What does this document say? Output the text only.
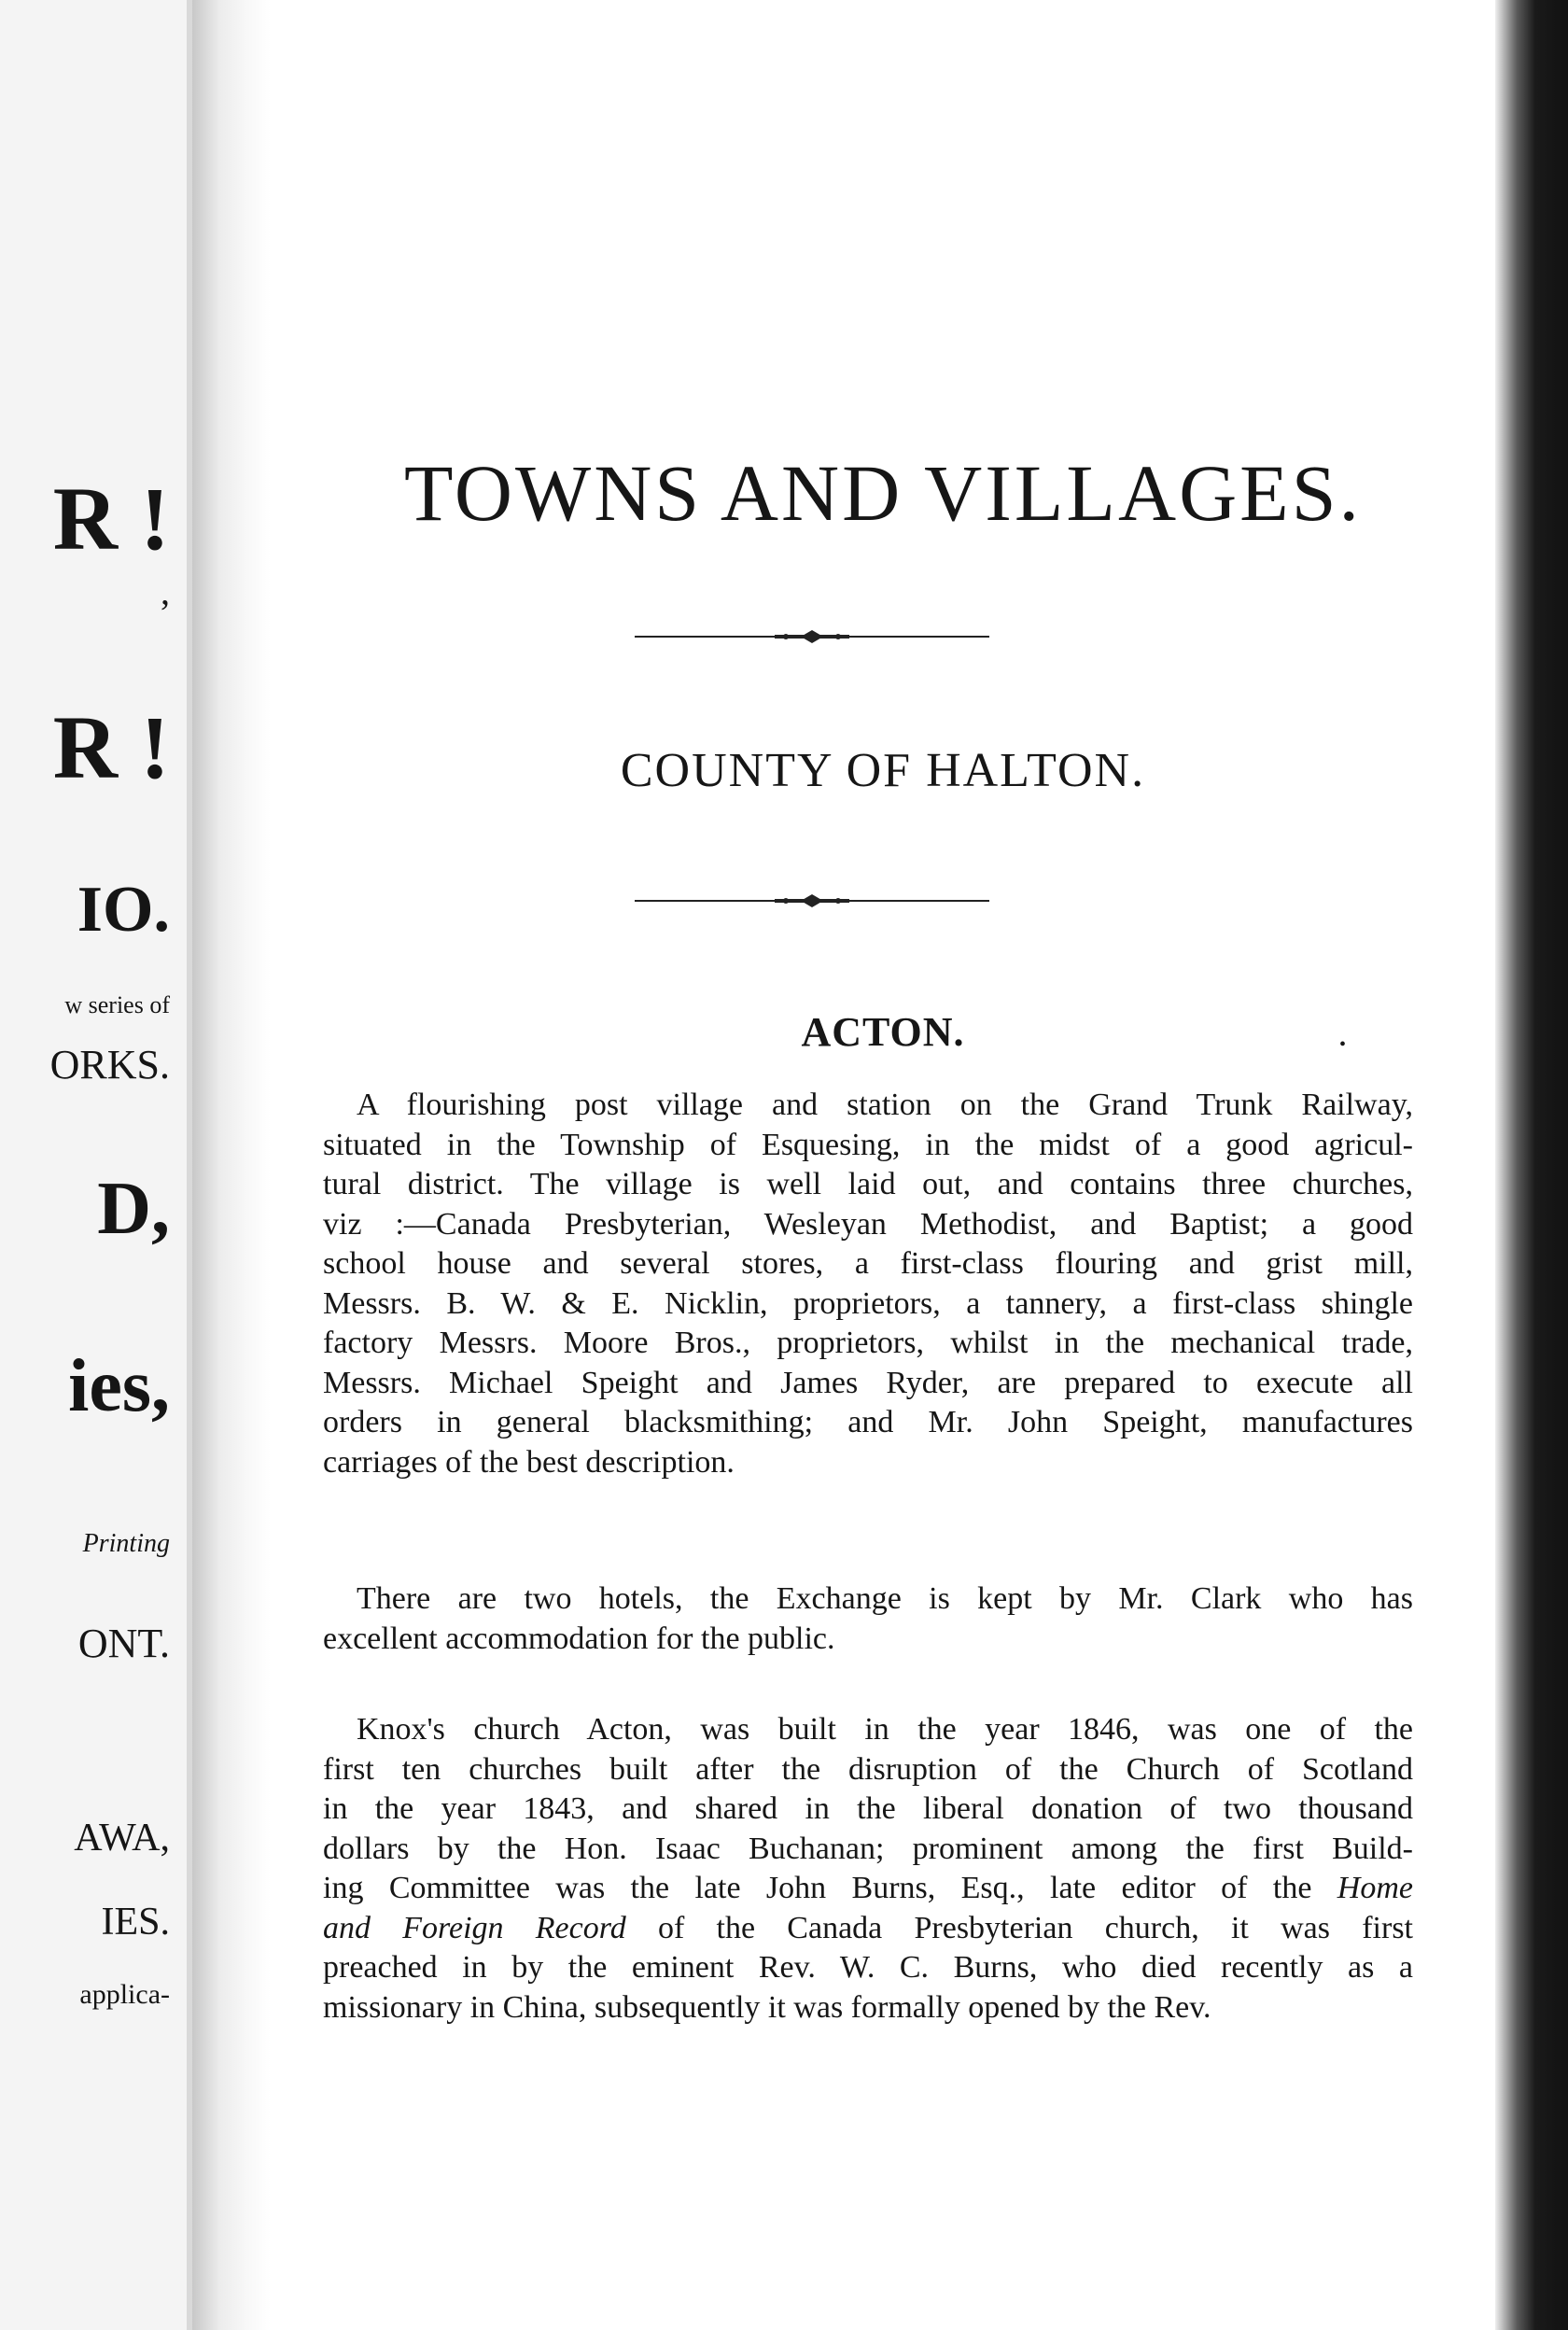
R !
,
R !
IO.
w series of
ORKS.
D,
ies,
Printing
ONT.
AWA,
IES.
applica-
TOWNS AND VILLAGES.
COUNTY OF HALTON.
ACTON.	•
A flourishing post village and station on the Grand Trunk Railway,
situated in the Township of Esquesing, in the midst of a good agricul-
tural district. The village is well laid out, and contains three churches,
viz :—Canada Presbyterian, Wesleyan Methodist, and Baptist; a good
school house and several stores, a first-class flouring and grist mill,
Messrs. B. W. & E. Nicklin, proprietors, a tannery, a first-class shingle
factory Messrs. Moore Bros., proprietors, whilst in the mechanical trade,
Messrs. Michael Speight and James Ryder, are prepared to execute all
orders in general blacksmithing; and Mr. John Speight, manufactures
carriages of the best description.
There are two hotels, the Exchange is kept by Mr. Clark who has
excellent accommodation for the public.
Knox's church Acton, was built in the year 1846, was one of the
first ten churches built after the disruption of the Church of Scotland
in the year 1843, and shared in the liberal donation of two thousand
dollars by the Hon. Isaac Buchanan; prominent among the first Build-
ing Committee was the late John Burns, Esq., late editor of the Home
and Foreign Record of the Canada Presbyterian church, it was first
preached in by the eminent Rev. W. C. Burns, who died recently as a
missionary in China, subsequently it was formally opened by the Rev.
